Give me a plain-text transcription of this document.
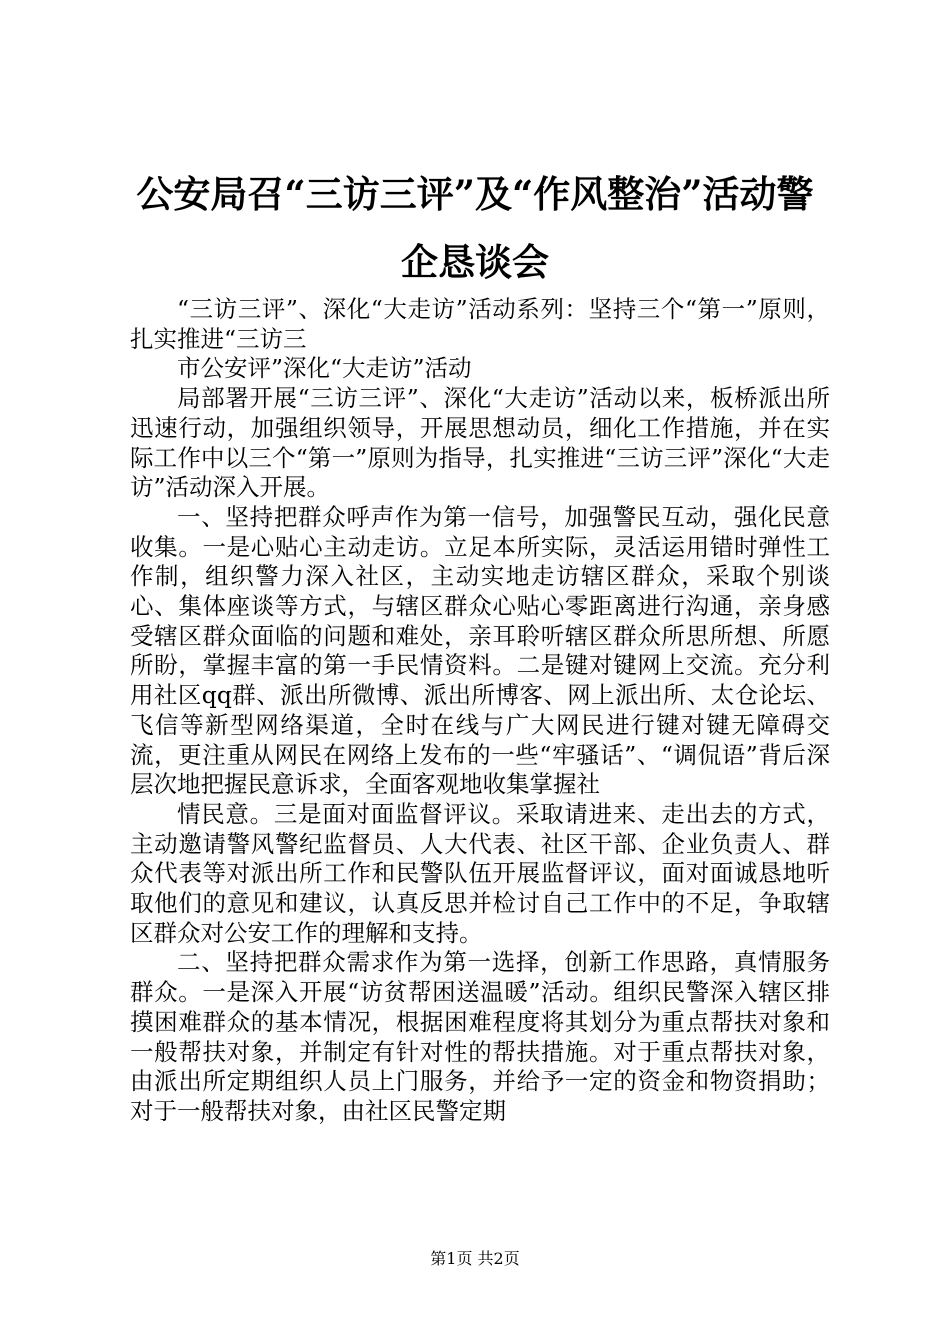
公安局召“三访三评”及“作风整治”活动警

企恳谈会

“三访三评”、深化“大走访”活动系列：坚持三个“第一”原则，扎实推进“三访三

市公安评”深化“大走访”活动

局部署开展“三访三评”、深化“大走访”活动以来，板桥派出所迅速行动，加强组织领导，开展思想动员，细化工作措施，并在实际工作中以三个“第一”原则为指导，扎实推进“三访三评”深化“大走访”活动深入开展。

一、坚持把群众呼声作为第一信号，加强警民互动，强化民意收集。一是心贴心主动走访。立足本所实际，灵活运用错时弹性工作制，组织警力深入社区，主动实地走访辖区群众，采取个别谈心、集体座谈等方式，与辖区群众心贴心零距离进行沟通，亲身感受辖区群众面临的问题和难处，亲耳聆听辖区群众所思所想、所愿所盼，掌握丰富的第一手民情资料。二是键对键网上交流。充分利用社区qq群、派出所微博、派出所博客、网上派出所、太仓论坛、飞信等新型网络渠道，全时在线与广大网民进行键对键无障碍交流，更注重从网民在网络上发布的一些“牢骚话”、“调侃语”背后深层次地把握民意诉求，全面客观地收集掌握社

情民意。三是面对面监督评议。采取请进来、走出去的方式，主动邀请警风警纪监督员、人大代表、社区干部、企业负责人、群众代表等对派出所工作和民警队伍开展监督评议，面对面诚恳地听取他们的意见和建议，认真反思并检讨自己工作中的不足，争取辖区群众对公安工作的理解和支持。

二、坚持把群众需求作为第一选择，创新工作思路，真情服务群众。一是深入开展“访贫帮困送温暖”活动。组织民警深入辖区排摸困难群众的基本情况，根据困难程度将其划分为重点帮扶对象和一般帮扶对象，并制定有针对性的帮扶措施。对于重点帮扶对象，由派出所定期组织人员上门服务，并给予一定的资金和物资捐助；对于一般帮扶对象，由社区民警定期

第1页 共2页
